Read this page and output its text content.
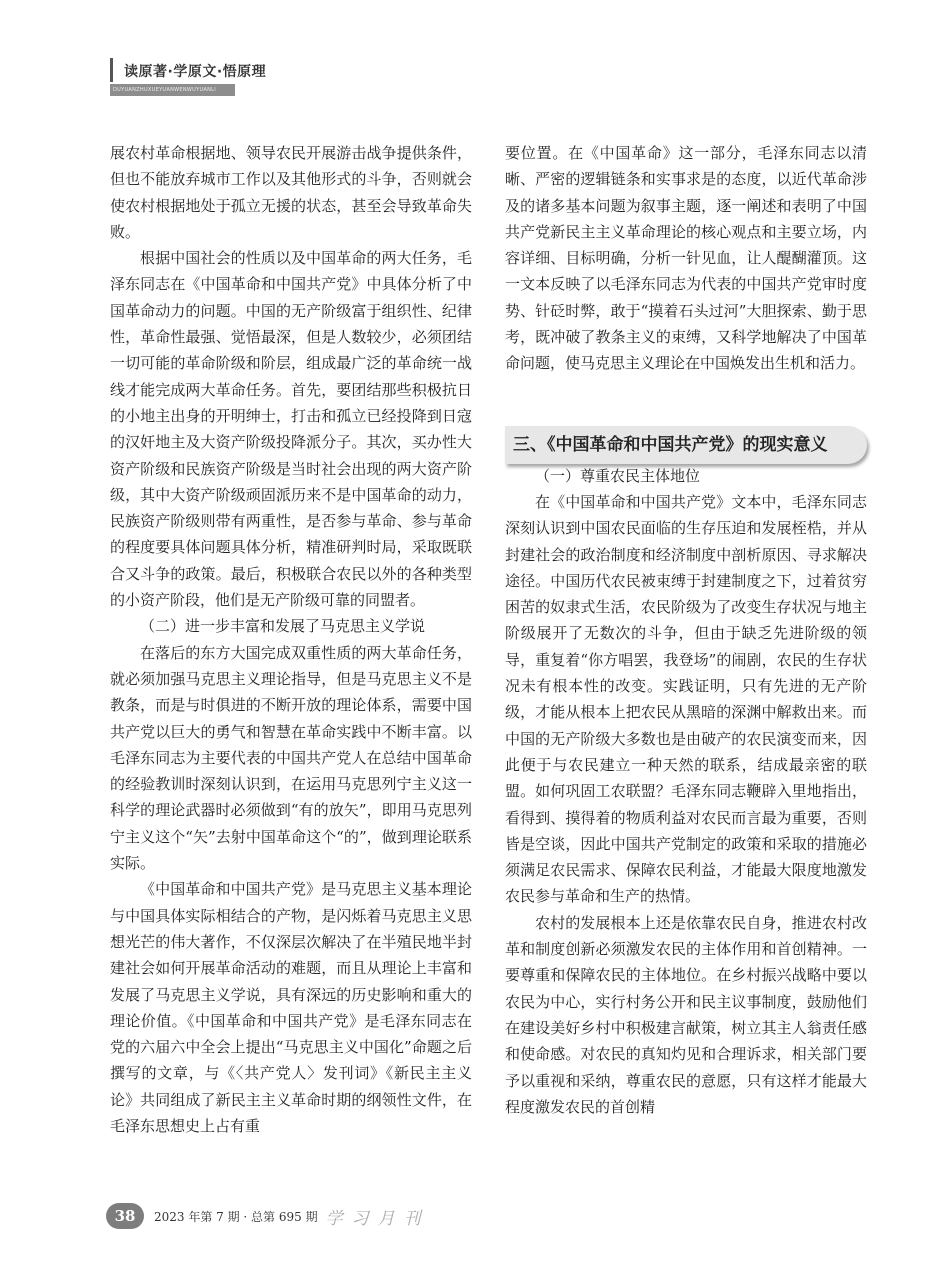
读原著·学原文·悟原理
DUYUANZHUXUEYUANWENWUYUANLI

展农村革命根据地、领导农民开展游击战争提供条件，但也不能放弃城市工作以及其他形式的斗争，否则就会使农村根据地处于孤立无援的状态，甚至会导致革命失败。

根据中国社会的性质以及中国革命的两大任务，毛泽东同志在《中国革命和中国共产党》中具体分析了中国革命动力的问题。中国的无产阶级富于组织性、纪律性，革命性最强、觉悟最深，但是人数较少，必须团结一切可能的革命阶级和阶层，组成最广泛的革命统一战线才能完成两大革命任务。首先，要团结那些积极抗日的小地主出身的开明绅士，打击和孤立已经投降到日寇的汉奸地主及大资产阶级投降派分子。其次，买办性大资产阶级和民族资产阶级是当时社会出现的两大资产阶级，其中大资产阶级顽固派历来不是中国革命的动力，民族资产阶级则带有两重性，是否参与革命、参与革命的程度要具体问题具体分析，精准研判时局，采取既联合又斗争的政策。最后，积极联合农民以外的各种类型的小资产阶段，他们是无产阶级可靠的同盟者。

（二）进一步丰富和发展了马克思主义学说

在落后的东方大国完成双重性质的两大革命任务，就必须加强马克思主义理论指导，但是马克思主义不是教条，而是与时俱进的不断开放的理论体系，需要中国共产党以巨大的勇气和智慧在革命实践中不断丰富。以毛泽东同志为主要代表的中国共产党人在总结中国革命的经验教训时深刻认识到，在运用马克思列宁主义这一科学的理论武器时必须做到“有的放矢”，即用马克思列宁主义这个“矢”去射中国革命这个“的”，做到理论联系实际。

《中国革命和中国共产党》是马克思主义基本理论与中国具体实际相结合的产物，是闪烁着马克思主义思想光芒的伟大著作，不仅深层次解决了在半殖民地半封建社会如何开展革命活动的难题，而且从理论上丰富和发展了马克思主义学说，具有深远的历史影响和重大的理论价值。《中国革命和中国共产党》是毛泽东同志在党的六届六中全会上提出“马克思主义中国化”命题之后撰写的文章，与《〈共产党人〉发刊词》《新民主主义论》共同组成了新民主主义革命时期的纲领性文件，在毛泽东思想史上占有重

要位置。在《中国革命》这一部分，毛泽东同志以清晰、严密的逻辑链条和实事求是的态度，以近代革命涉及的诸多基本问题为叙事主题，逐一阐述和表明了中国共产党新民主主义革命理论的核心观点和主要立场，内容详细、目标明确，分析一针见血，让人醍醐灌顶。这一文本反映了以毛泽东同志为代表的中国共产党审时度势、针砭时弊，敢于“摸着石头过河”大胆探索、勤于思考，既冲破了教条主义的束缚，又科学地解决了中国革命问题，使马克思主义理论在中国焕发出生机和活力。

（一）尊重农民主体地位

在《中国革命和中国共产党》文本中，毛泽东同志深刻认识到中国农民面临的生存压迫和发展桎梏，并从封建社会的政治制度和经济制度中剖析原因、寻求解决途径。中国历代农民被束缚于封建制度之下，过着贫穷困苦的奴隶式生活，农民阶级为了改变生存状况与地主阶级展开了无数次的斗争，但由于缺乏先进阶级的领导，重复着“你方唱罢，我登场”的闹剧，农民的生存状况未有根本性的改变。实践证明，只有先进的无产阶级，才能从根本上把农民从黑暗的深渊中解救出来。而中国的无产阶级大多数也是由破产的农民演变而来，因此便于与农民建立一种天然的联系，结成最亲密的联盟。如何巩固工农联盟？毛泽东同志鞭辟入里地指出，看得到、摸得着的物质利益对农民而言最为重要，否则皆是空谈，因此中国共产党制定的政策和采取的措施必须满足农民需求、保障农民利益，才能最大限度地激发农民参与革命和生产的热情。

农村的发展根本上还是依靠农民自身，推进农村改革和制度创新必须激发农民的主体作用和首创精神。一要尊重和保障农民的主体地位。在乡村振兴战略中要以农民为中心，实行村务公开和民主议事制度，鼓励他们在建设美好乡村中积极建言献策，树立其主人翁责任感和使命感。对农民的真知灼见和合理诉求，相关部门要予以重视和采纳，尊重农民的意愿，只有这样才能最大程度激发农民的首创精

三、《中国革命和中国共产党》的现实意义
38	2023 年第 7 期 · 总第 695 期 学习月刊
